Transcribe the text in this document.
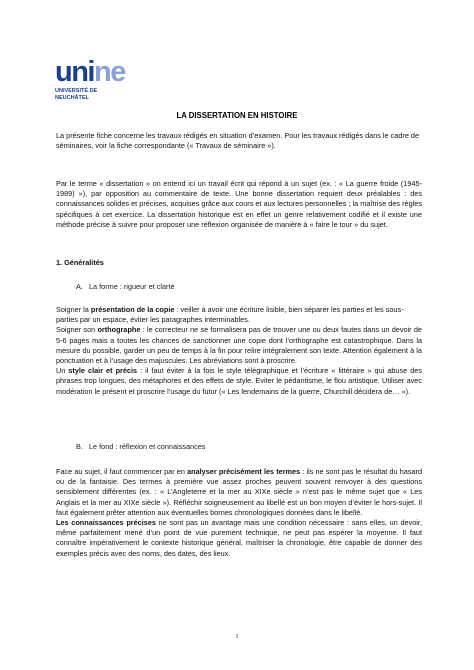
uni ne
UNIVERSITÉ DE
NEUCHÂTEL
LA DISSERTATION EN HISTOIRE

La présente fiche concerne les travaux rédigés en situation d’examen. Pour les travaux rédigés dans le cadre de séminaires, voir la fiche correspondante (« Travaux de séminaire »).

Par le terme « dissertation » on entend ici un travail écrit qui répond à un sujet (ex. : « La guerre froide (1945-1989) »), par opposition au commentaire de texte. Une bonne dissertation requiert deux préalables : des connaissances solides et précises, acquises grâce aux cours et aux lectures personnelles ; la maîtrise des règles spécifiques à cet exercice. La dissertation historique est en effet un genre relativement codifié et il existe une méthode précise à suivre pour proposer une réflexion organisée de manière à « faire le tour » du sujet.

1. Généralités
A. La forme : rigueur et clarté

Soigner la présentation de la copie : veiller à avoir une écriture lisible, bien séparer les parties et les sous-parties par un espace, éviter les paragraphes interminables.

Soigner son orthographe : le correcteur ne se formalisera pas de trouver une ou deux fautes dans un devoir de 5-6 pages mais a toutes les chances de sanctionner une copie dont l’orthographe est catastrophique. Dans la mesure du possible, garder un peu de temps à la fin pour relire intégralement son texte. Attention également à la ponctuation et à l’usage des majuscules. Les abréviations sont à proscrire.

Un style clair et précis : il faut éviter à la fois le style télégraphique et l’écriture « littéraire » qui abuse des phrases trop longues, des métaphores et des effets de style. Eviter le pédantisme, le flou artistique. Utiliser avec modération le présent et proscrire l’usage du futur (« Les lendemains de la guerre, Churchill décidera de… »).

B. Le fond : réflexion et connaissances

Face au sujet, il faut commencer par en analyser précisément les termes : ils ne sont pas le résultat du hasard ou de la fantaisie. Des termes à première vue assez proches peuvent souvent renvoyer à des questions sensiblement différentes (ex. : « L’Angleterre et la mer au XIXe siècle » n’est pas le même sujet que « Les Anglais et la mer au XIXe siècle »). Réfléchir soigneusement au libellé est un bon moyen d’éviter le hors-sujet. Il faut également prêter attention aux éventuelles bornes chronologiques données dans le libellé.

Les connaissances précises ne sont pas un avantage mais une condition nécessaire : sans elles, un devoir, même parfaitement mené d’un point de vue purement technique, ne peut pas espérer la moyenne. Il faut connaître impérativement le contexte historique général, maîtriser la chronologie, être capable de donner des exemples précis avec des noms, des dates, des lieux.

1
